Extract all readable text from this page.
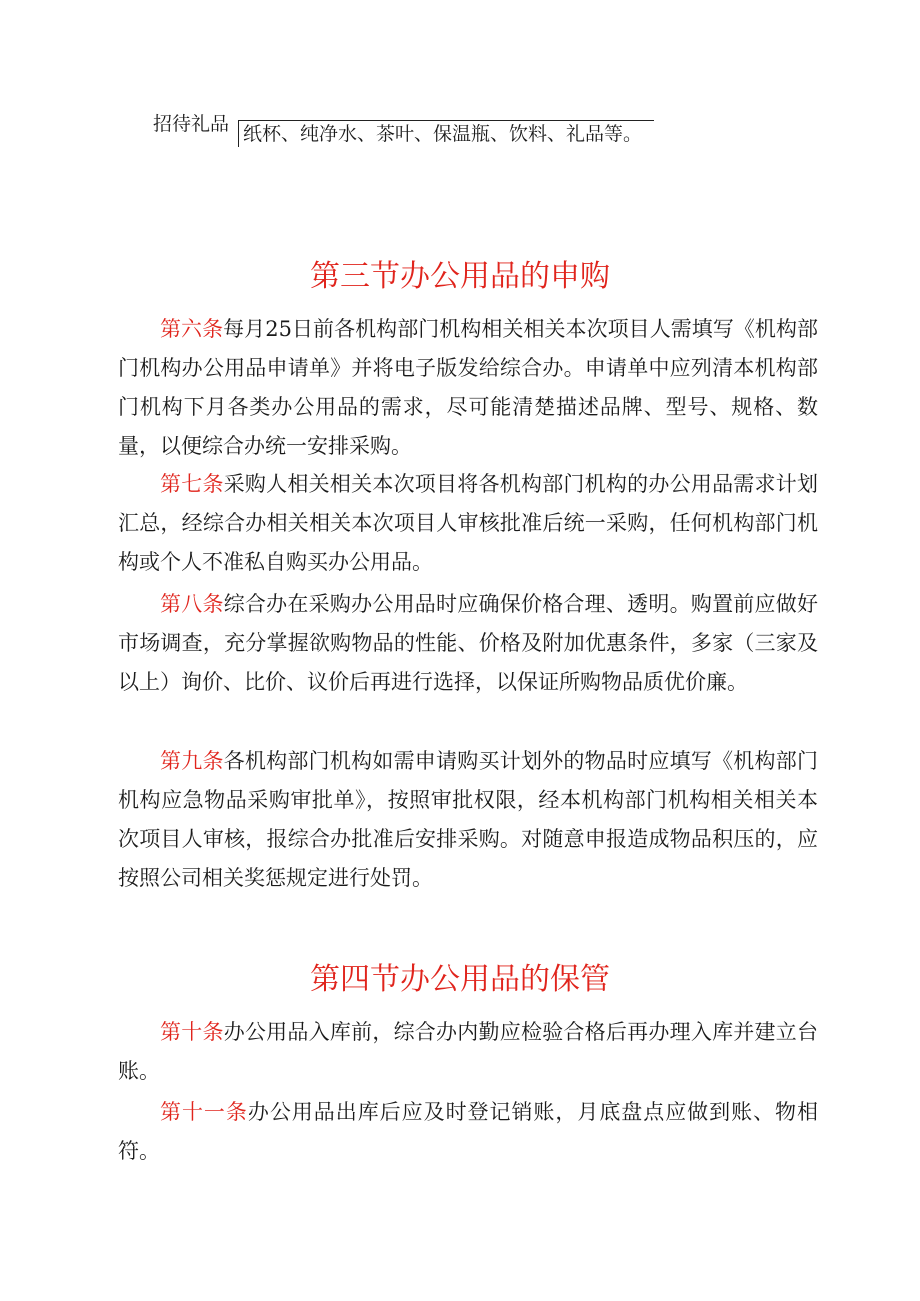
招待礼品 纸杯、纯净水、茶叶、保温瓶、饮料、礼品等。
第三节办公用品的申购
第六条每月25日前各机构部门机构相关相关本次项目人需填写《机构部门机构办公用品申请单》并将电子版发给综合办。申请单中应列清本机构部门机构下月各类办公用品的需求，尽可能清楚描述品牌、型号、规格、数量，以便综合办统一安排采购。
第七条采购人相关相关本次项目将各机构部门机构的办公用品需求计划汇总，经综合办相关相关本次项目人审核批准后统一采购，任何机构部门机构或个人不准私自购买办公用品。
第八条综合办在采购办公用品时应确保价格合理、透明。购置前应做好市场调查，充分掌握欲购物品的性能、价格及附加优惠条件，多家（三家及以上）询价、比价、议价后再进行选择，以保证所购物品质优价廉。
第九条各机构部门机构如需申请购买计划外的物品时应填写《机构部门机构应急物品采购审批单》，按照审批权限，经本机构部门机构相关相关本次项目人审核，报综合办批准后安排采购。对随意申报造成物品积压的，应按照公司相关奖惩规定进行处罚。
第四节办公用品的保管
第十条办公用品入库前，综合办内勤应检验合格后再办理入库并建立台账。
第十一条办公用品出库后应及时登记销账，月底盘点应做到账、物相符。
